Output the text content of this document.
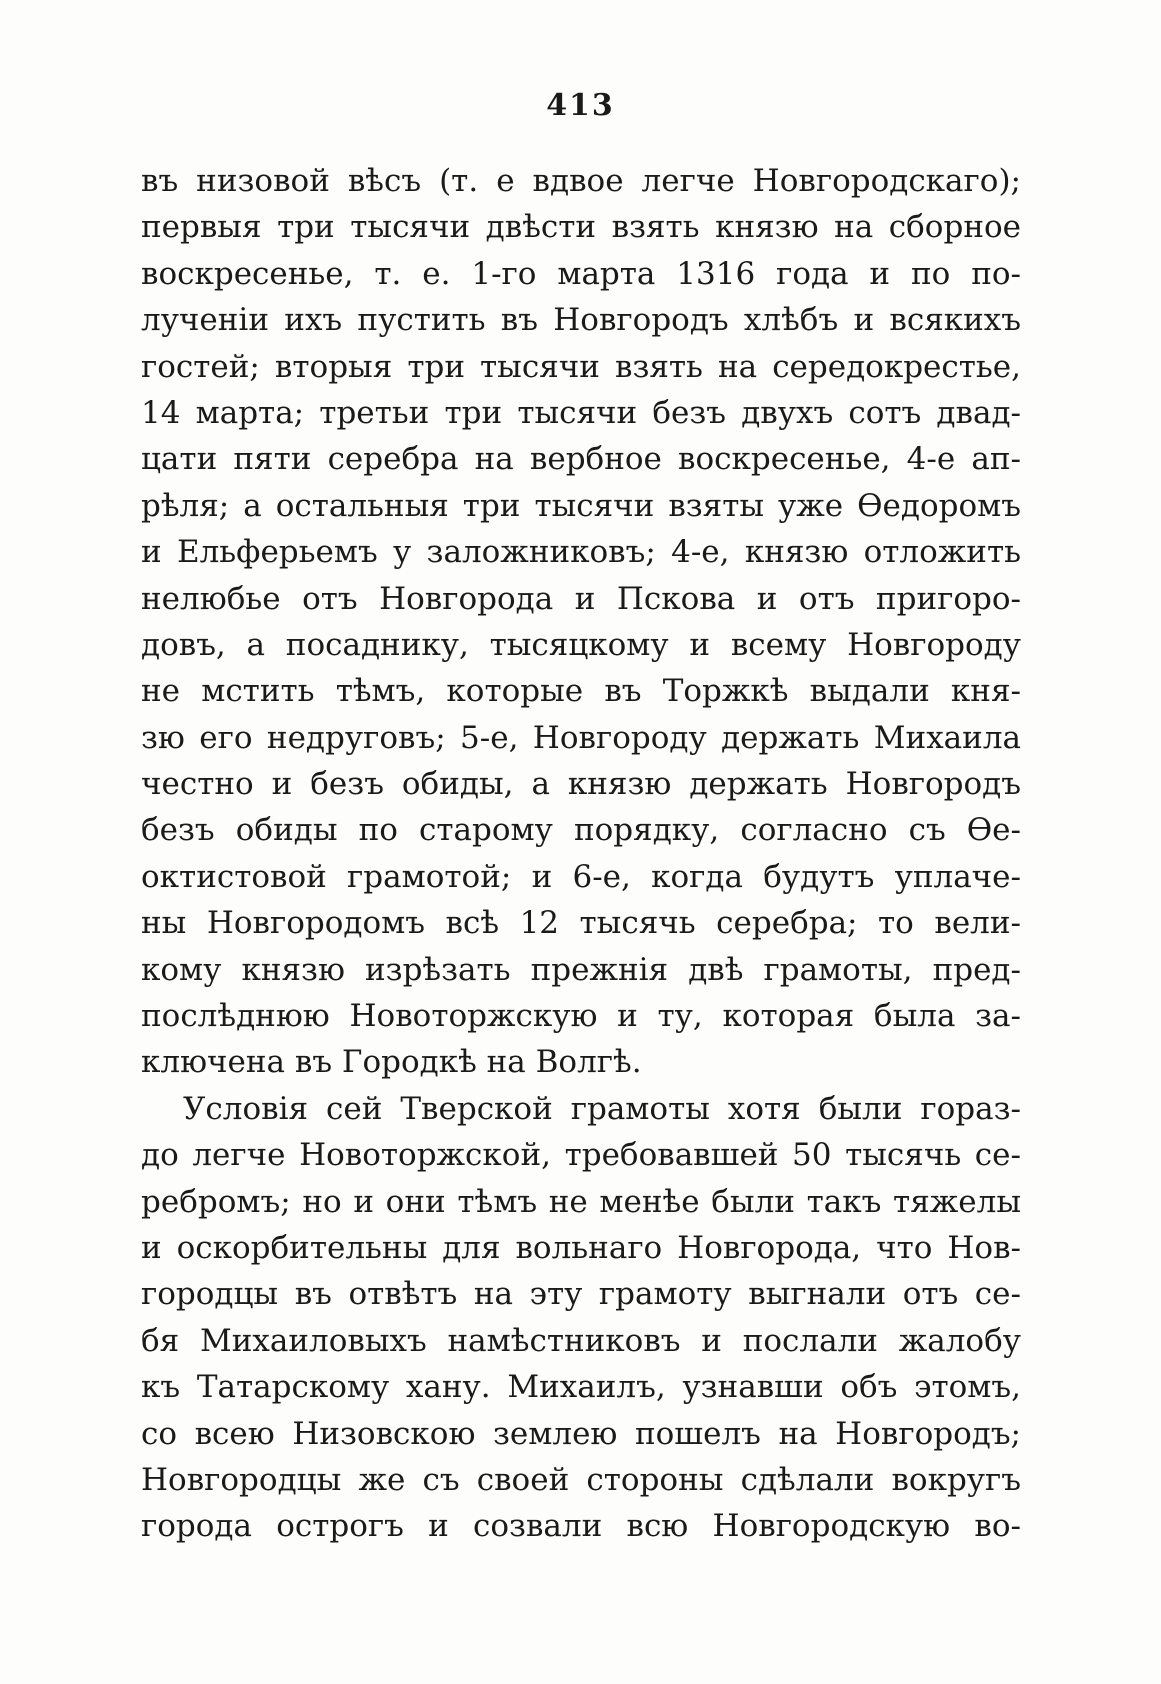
413
въ низовой вѣсъ (т. е вдвое легче Новгородскаго);
первыя три тысячи двѣсти взять князю на сборное
воскресенье, т. е. 1-го марта 1316 года и по по-
лученіи ихъ пустить въ Новгородъ хлѣбъ и всякихъ
гостей; вторыя три тысячи взять на середокрестье,
14 марта; третьи три тысячи безъ двухъ сотъ двад-
цати пяти серебра на вербное воскресенье, 4-е ап-
рѣля; а остальныя три тысячи взяты уже Ѳедоромъ
и Ельферьемъ у заложниковъ; 4-е, князю отложить
нелюбье отъ Новгорода и Пскова и отъ пригоро-
довъ, а посаднику, тысяцкому и всему Новгороду
не мстить тѣмъ, которые въ Торжкѣ выдали кня-
зю его недруговъ; 5-е, Новгороду держать Михаила
честно и безъ обиды, а князю держать Новгородъ
безъ обиды по старому порядку, согласно съ Ѳе-
октистовой грамотой; и 6-е, когда будутъ уплаче-
ны Новгородомъ всѣ 12 тысячь серебра; то вели-
кому князю изрѣзать прежнія двѣ грамоты, пред-
послѣднюю Новоторжскую и ту, которая была за-
ключена въ Городкѣ на Волгѣ.
Условія сей Тверской грамоты хотя были гораз-
до легче Новоторжской, требовавшей 50 тысячь се-
ребромъ; но и они тѣмъ не менѣе были такъ тяжелы
и оскорбительны для вольнаго Новгорода, что Нов-
городцы въ отвѣтъ на эту грамоту выгнали отъ се-
бя Михаиловыхъ намѣстниковъ и послали жалобу
къ Татарскому хану. Михаилъ, узнавши объ этомъ,
со всею Низовскою землею пошелъ на Новгородъ;
Новгородцы же съ своей стороны сдѣлали вокругъ
города острогъ и созвали всю Новгородскую во-
